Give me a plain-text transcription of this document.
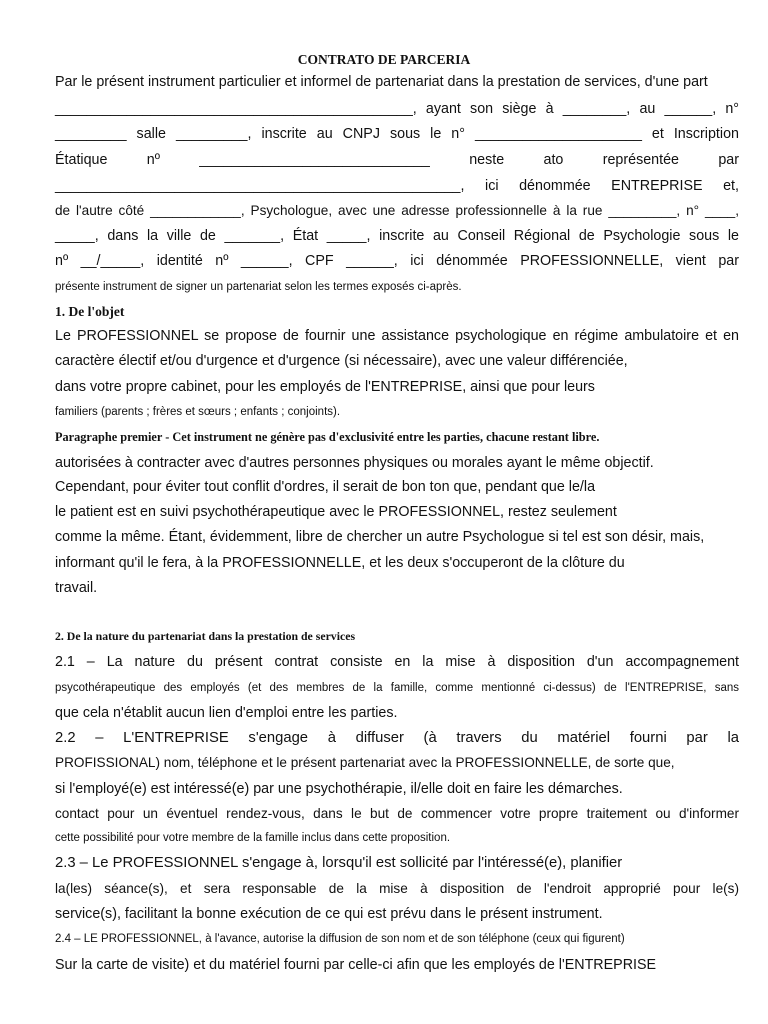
CONTRATO DE PARCERIA
Par le présent instrument particulier et informel de partenariat dans la prestation de services, d'une part
_____________________________________________, ayant son siège à ________, au ______, n°
_________ salle _________, inscrite au CNPJ sous le n° _____________________ et Inscription
Étatique nº _____________________________ neste ato représentée par
___________________________________________________, ici dénommée ENTREPRISE et,
de l'autre côté ____________, Psychologue, avec une adresse professionnelle à la rue _________, n° ____,
_____, dans la ville de _______, État _____, inscrite au Conseil Régional de Psychologie sous le
nº __/_____, identité nº ______, CPF ______, ici dénommée PROFESSIONNELLE, vient par
présente instrument de signer un partenariat selon les termes exposés ci-après.
1. De l'objet
Le PROFESSIONNEL se propose de fournir une assistance psychologique en régime ambulatoire et en
caractère électif et/ou d'urgence et d'urgence (si nécessaire), avec une valeur différenciée,
dans votre propre cabinet, pour les employés de l'ENTREPRISE, ainsi que pour leurs
familiers (parents ; frères et sœurs ; enfants ; conjoints).
Paragraphe premier - Cet instrument ne génère pas d'exclusivité entre les parties, chacune restant libre.
autorisées à contracter avec d'autres personnes physiques ou morales ayant le même objectif.
Cependant, pour éviter tout conflit d'ordres, il serait de bon ton que, pendant que le/la
le patient est en suivi psychothérapeutique avec le PROFESSIONNEL, restez seulement
comme la même. Étant, évidemment, libre de chercher un autre Psychologue si tel est son désir, mais,
informant qu'il le fera, à la PROFESSIONNELLE, et les deux s'occuperont de la clôture du
travail.
2. De la nature du partenariat dans la prestation de services
2.1 – La nature du présent contrat consiste en la mise à disposition d'un accompagnement
psycothérapeutique des employés (et des membres de la famille, comme mentionné ci-dessus) de l'ENTREPRISE, sans
que cela n'établit aucun lien d'emploi entre les parties.
2.2 – L'ENTREPRISE s'engage à diffuser (à travers du matériel fourni par la
PROFISSIONAL) nom, téléphone et le présent partenariat avec la PROFESSIONNELLE, de sorte que,
si l'employé(e) est intéressé(e) par une psychothérapie, il/elle doit en faire les démarches.
contact pour un éventuel rendez-vous, dans le but de commencer votre propre traitement ou d'informer
cette possibilité pour votre membre de la famille inclus dans cette proposition.
2.3 – Le PROFESSIONNEL s'engage à, lorsqu'il est sollicité par l'intéressé(e), planifier
la(les) séance(s), et sera responsable de la mise à disposition de l'endroit approprié pour le(s)
service(s), facilitant la bonne exécution de ce qui est prévu dans le présent instrument.
2.4 – LE PROFESSIONNEL, à l'avance, autorise la diffusion de son nom et de son téléphone (ceux qui figurent)
Sur la carte de visite) et du matériel fourni par celle-ci afin que les employés de l'ENTREPRISE
